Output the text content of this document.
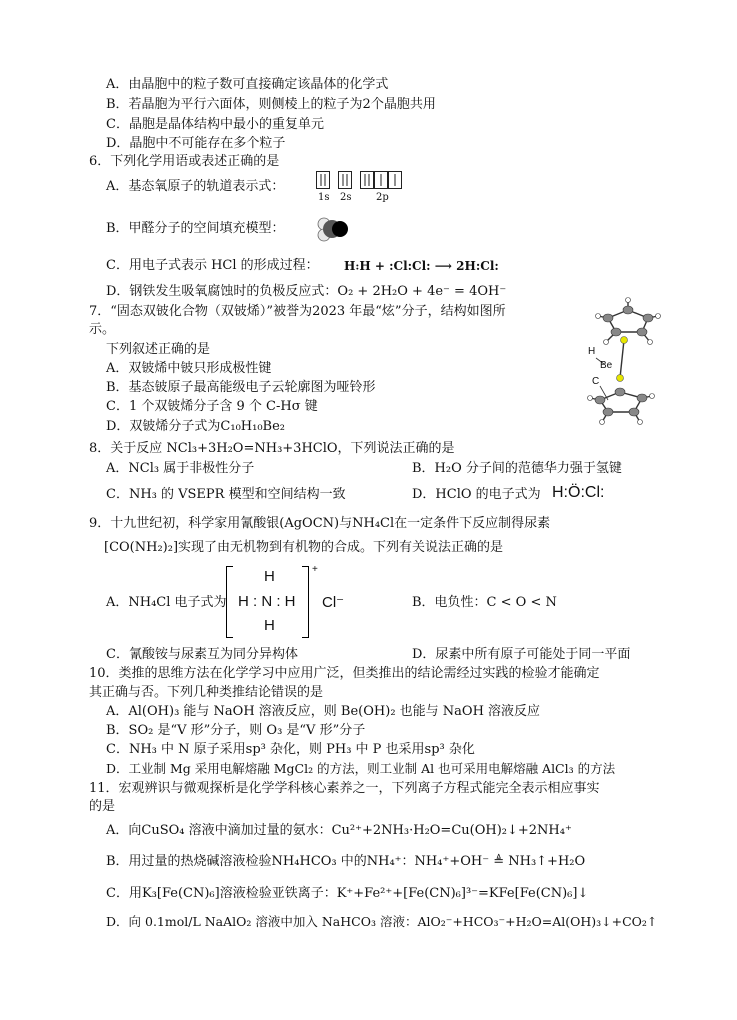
A．由晶胞中的粒子数可直接确定该晶体的化学式
B．若晶胞为平行六面体，则侧棱上的粒子为2个晶胞共用
C．晶胞是晶体结构中最小的重复单元
D．晶胞中不可能存在多个粒子
6．下列化学用语或表述正确的是
A．基态氧原子的轨道表示式：
1s 2s 2p
B．甲醛分子的空间填充模型：
C．用电子式表示 HCl 的形成过程： H꞉H + :Cl:Cl: ⟶ 2H:Cl:
D．钢铁发生吸氧腐蚀时的负极反应式：O₂ + 2H₂O + 4e⁻ = 4OH⁻
7．“固态双铍化合物（双铍烯）”被誉为2023 年最“炫”分子，结构如图所
示。
下列叙述正确的是
A．双铍烯中铍只形成极性键
B．基态铍原子最高能级电子云轮廓图为哑铃形
C．1 个双铍烯分子含 9 个 C-Hσ 键
D．双铍烯分子式为C₁₀H₁₀Be₂
H
Be
C
8．关于反应 NCl₃+3H₂O=NH₃+3HClO，下列说法正确的是
A．NCl₃ 属于非极性分子	B．H₂O 分子间的范德华力强于氢键
C．NH₃ 的 VSEPR 模型和空间结构一致	D．HClO 的电子式为 H:Ö:Cl:
9．十九世纪初，科学家用氰酸银(AgOCN)与NH₄Cl在一定条件下反应制得尿素
[CO(NH₂)₂]实现了由无机物到有机物的合成。下列有关说法正确的是
A．NH₄Cl 电子式为
H
H : N : H
H
+
Cl⁻	B．电负性：C < O < N
C．氰酸铵与尿素互为同分异构体	D．尿素中所有原子可能处于同一平面
10．类推的思维方法在化学学习中应用广泛，但类推出的结论需经过实践的检验才能确定
其正确与否。下列几种类推结论错误的是
A．Al(OH)₃ 能与 NaOH 溶液反应，则 Be(OH)₂ 也能与 NaOH 溶液反应
B．SO₂ 是“V 形”分子，则 O₃ 是“V 形”分子
C．NH₃ 中 N 原子采用sp³ 杂化，则 PH₃ 中 P 也采用sp³ 杂化
D．工业制 Mg 采用电解熔融 MgCl₂ 的方法，则工业制 Al 也可采用电解熔融 AlCl₃ 的方法
11．宏观辨识与微观探析是化学学科核心素养之一，下列离子方程式能完全表示相应事实
的是
A．向CuSO₄ 溶液中滴加过量的氨水：Cu²⁺+2NH₃·H₂O=Cu(OH)₂↓+2NH₄⁺
B．用过量的热烧碱溶液检验NH₄HCO₃ 中的NH₄⁺：NH₄⁺+OH⁻ ≜ NH₃↑+H₂O
C．用K₃[Fe(CN)₆]溶液检验亚铁离子：K⁺+Fe²⁺+[Fe(CN)₆]³⁻=KFe[Fe(CN)₆]↓
D．向 0.1mol/L NaAlO₂ 溶液中加入 NaHCO₃ 溶液：AlO₂⁻+HCO₃⁻+H₂O=Al(OH)₃↓+CO₂↑
